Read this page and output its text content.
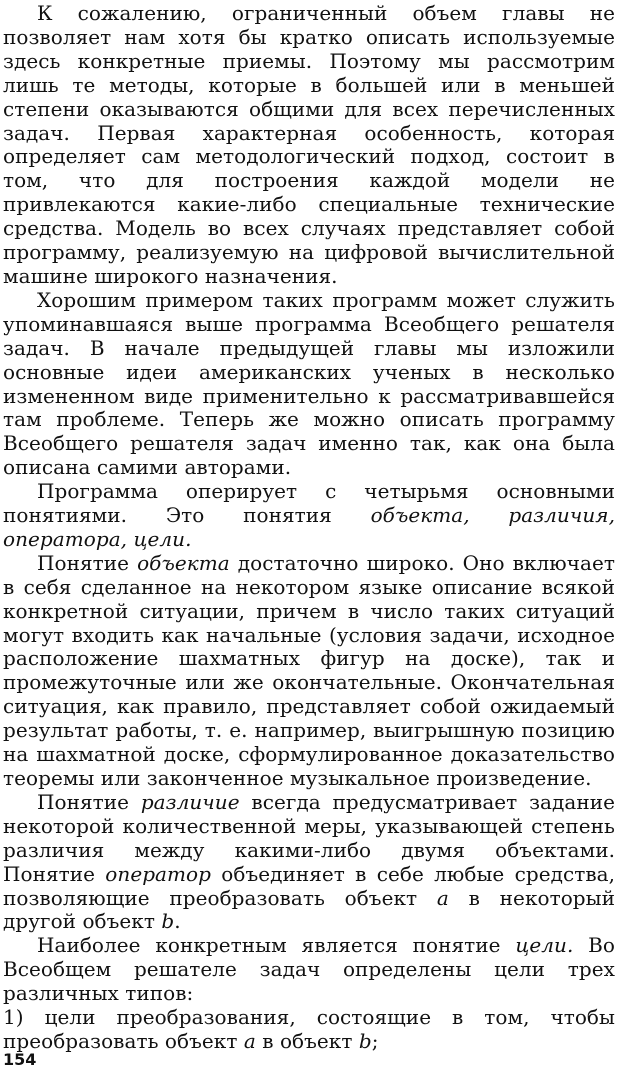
К сожалению, ограниченный объем главы не позволяет нам хотя бы кратко описать используемые здесь конкретные приемы. Поэтому мы рассмотрим лишь те методы, которые в большей или в меньшей степени оказываются общими для всех перечисленных задач. Первая характерная особенность, которая определяет сам методологический подход, состоит в том, что для построения каждой модели не привлекаются какие-либо специальные технические средства. Модель во всех случаях представляет собой программу, реализуемую на цифровой вычислительной машине широкого назначения.

Хорошим примером таких программ может служить упоминавшаяся выше программа Всеобщего решателя задач. В начале предыдущей главы мы изложили основные идеи американских ученых в несколько измененном виде применительно к рассматривавшейся там проблеме. Теперь же можно описать программу Всеобщего решателя задач именно так, как она была описана самими авторами.

Программа оперирует с четырьмя основными понятиями. Это понятия объекта, различия, оператора, цели.

Понятие объекта достаточно широко. Оно включает в себя сделанное на некотором языке описание всякой конкретной ситуации, причем в число таких ситуаций могут входить как начальные (условия задачи, исходное расположение шахматных фигур на доске), так и промежуточные или же окончательные. Окончательная ситуация, как правило, представляет собой ожидаемый результат работы, т. е. например, выигрышную позицию на шахматной доске, сформулированное доказательство теоремы или законченное музыкальное произведение.

Понятие различие всегда предусматривает задание некоторой количественной меры, указывающей степень различия между какими-либо двумя объектами. Понятие оператор объединяет в себе любые средства, позволяющие преобразовать объект a в некоторый другой объект b.

Наиболее конкретным является понятие цели. Во Всеобщем решателе задач определены цели трех различных типов:

1) цели преобразования, состоящие в том, чтобы преобразовать объект a в объект b;

154
